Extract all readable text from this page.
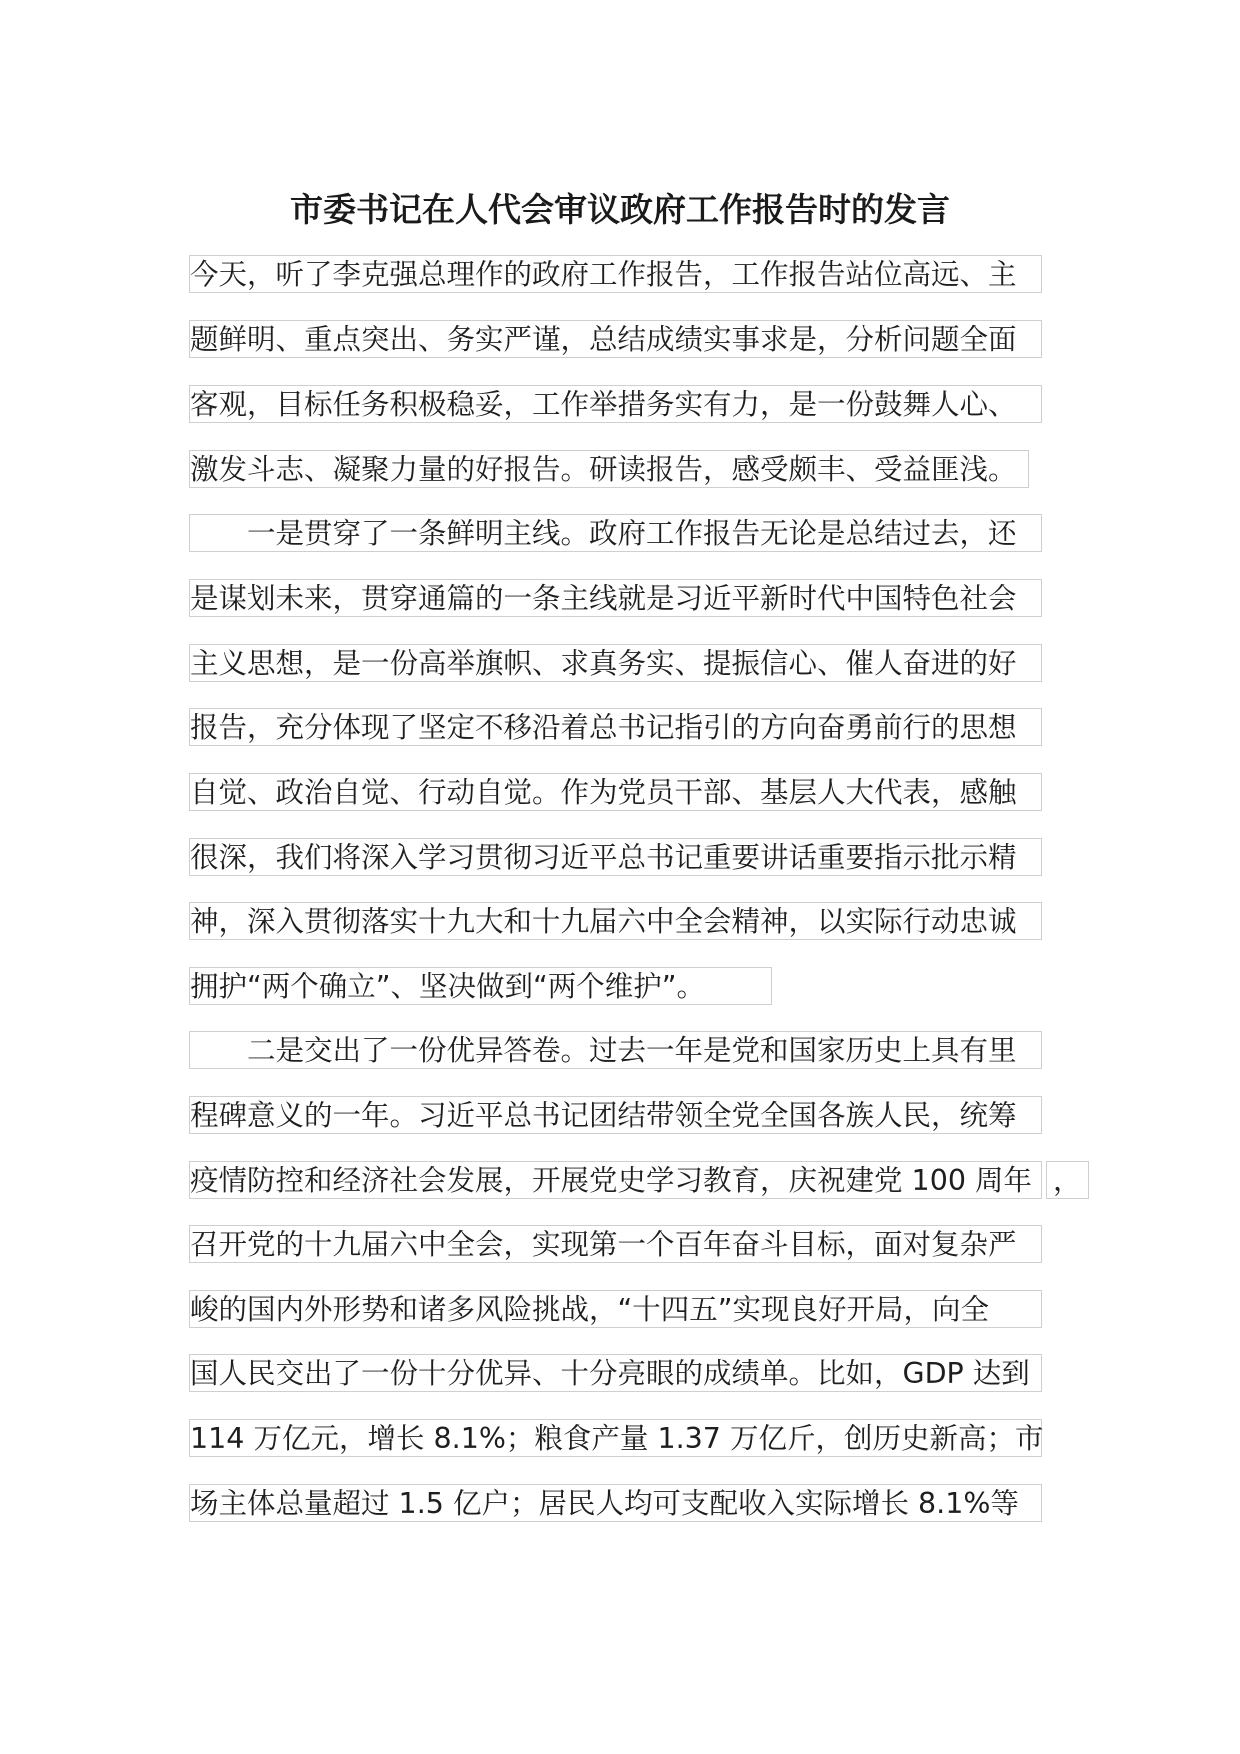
市委书记在人代会审议政府工作报告时的发言
今天，听了李克强总理作的政府工作报告，工作报告站位高远、主
题鲜明、重点突出、务实严谨，总结成绩实事求是，分析问题全面
客观，目标任务积极稳妥，工作举措务实有力，是一份鼓舞人心、
激发斗志、凝聚力量的好报告。研读报告，感受颇丰、受益匪浅。
一是贯穿了一条鲜明主线。政府工作报告无论是总结过去，还
是谋划未来，贯穿通篇的一条主线就是习近平新时代中国特色社会
主义思想，是一份高举旗帜、求真务实、提振信心、催人奋进的好
报告，充分体现了坚定不移沿着总书记指引的方向奋勇前行的思想
自觉、政治自觉、行动自觉。作为党员干部、基层人大代表，感触
很深，我们将深入学习贯彻习近平总书记重要讲话重要指示批示精
神，深入贯彻落实十九大和十九届六中全会精神，以实际行动忠诚
拥护“两个确立”、坚决做到“两个维护”。
二是交出了一份优异答卷。过去一年是党和国家历史上具有里
程碑意义的一年。习近平总书记团结带领全党全国各族人民，统筹
疫情防控和经济社会发展，开展党史学习教育，庆祝建党 100 周年 ，
召开党的十九届六中全会，实现第一个百年奋斗目标，面对复杂严
峻的国内外形势和诸多风险挑战，“十四五”实现良好开局，向全
国人民交出了一份十分优异、十分亮眼的成绩单。比如，GDP 达到
114 万亿元，增长 8.1%；粮食产量 1.37 万亿斤，创历史新高；市
场主体总量超过 1.5 亿户；居民人均可支配收入实际增长 8.1%等
